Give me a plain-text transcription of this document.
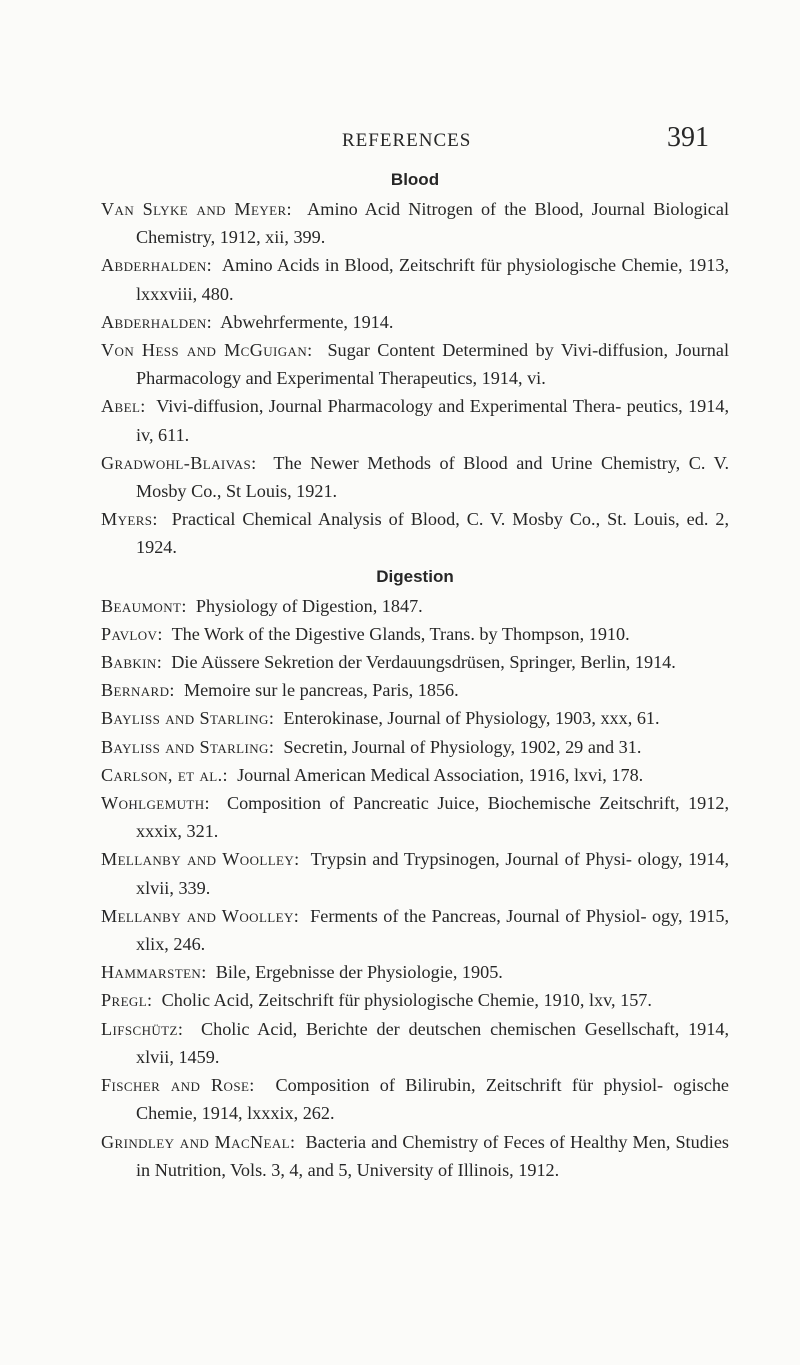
REFERENCES	391
Blood

Van Slyke and Meyer: Amino Acid Nitrogen of the Blood, Journal Biological Chemistry, 1912, xii, 399.

Abderhalden: Amino Acids in Blood, Zeitschrift für physiologische Chemie, 1913, lxxxviii, 480.

Abderhalden: Abwehrfermente, 1914.

Von Hess and McGuigan: Sugar Content Determined by Vivi-diffusion, Journal Pharmacology and Experimental Therapeutics, 1914, vi.

Abel: Vivi-diffusion, Journal Pharmacology and Experimental Thera- peutics, 1914, iv, 611.

Gradwohl-Blaivas: The Newer Methods of Blood and Urine Chemistry, C. V. Mosby Co., St Louis, 1921.

Myers: Practical Chemical Analysis of Blood, C. V. Mosby Co., St. Louis, ed. 2, 1924.

Digestion

Beaumont: Physiology of Digestion, 1847.

Pavlov: The Work of the Digestive Glands, Trans. by Thompson, 1910.

Babkin: Die Aüssere Sekretion der Verdauungsdrüsen, Springer, Berlin, 1914.

Bernard: Memoire sur le pancreas, Paris, 1856.

Bayliss and Starling: Enterokinase, Journal of Physiology, 1903, xxx, 61.

Bayliss and Starling: Secretin, Journal of Physiology, 1902, 29 and 31.

Carlson, et al.: Journal American Medical Association, 1916, lxvi, 178.

Wohlgemuth: Composition of Pancreatic Juice, Biochemische Zeitschrift, 1912, xxxix, 321.

Mellanby and Woolley: Trypsin and Trypsinogen, Journal of Physi- ology, 1914, xlvii, 339.

Mellanby and Woolley: Ferments of the Pancreas, Journal of Physiol- ogy, 1915, xlix, 246.

Hammarsten: Bile, Ergebnisse der Physiologie, 1905.

Pregl: Cholic Acid, Zeitschrift für physiologische Chemie, 1910, lxv, 157.

Lifschütz: Cholic Acid, Berichte der deutschen chemischen Gesellschaft, 1914, xlvii, 1459.

Fischer and Rose: Composition of Bilirubin, Zeitschrift für physiol- ogische Chemie, 1914, lxxxix, 262.

Grindley and MacNeal: Bacteria and Chemistry of Feces of Healthy Men, Studies in Nutrition, Vols. 3, 4, and 5, University of Illinois, 1912.
